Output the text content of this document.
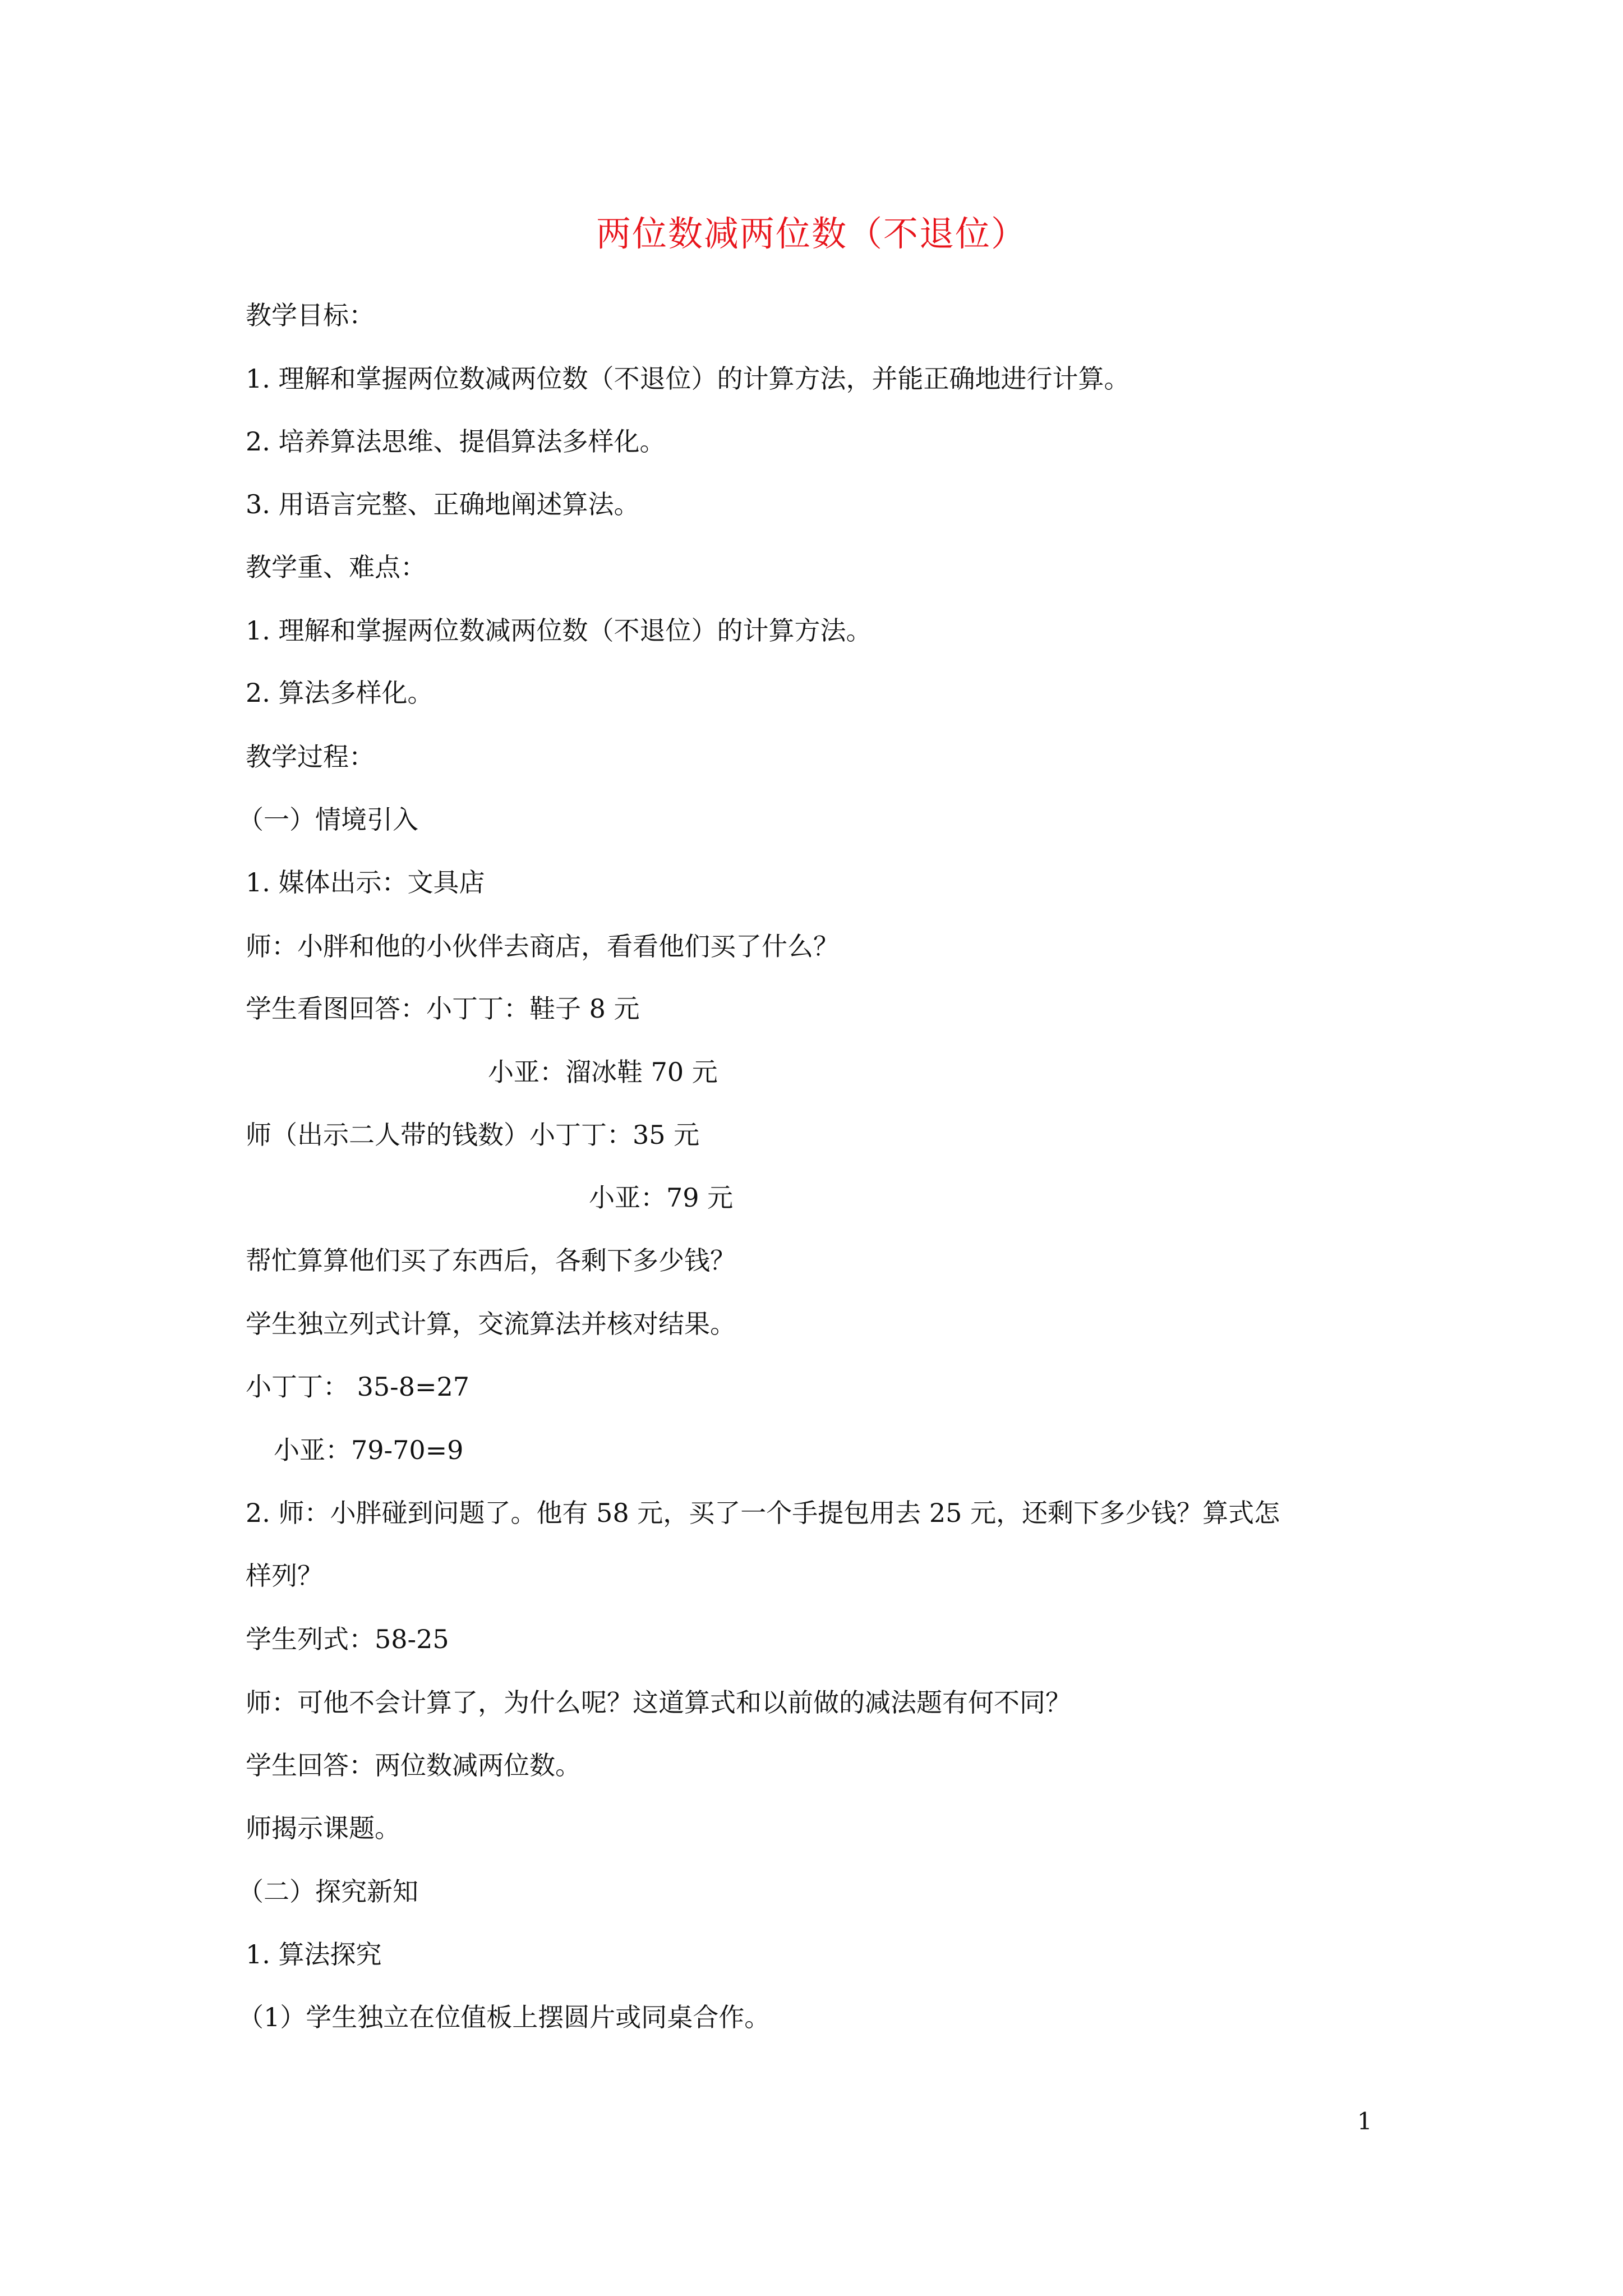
两位数减两位数（不退位）
教学目标：
1. 理解和掌握两位数减两位数（不退位）的计算方法，并能正确地进行计算。
2. 培养算法思维、提倡算法多样化。
3. 用语言完整、正确地阐述算法。
教学重、难点：
1. 理解和掌握两位数减两位数（不退位）的计算方法。
2. 算法多样化。
教学过程：
（一）情境引入
1. 媒体出示：文具店
师：小胖和他的小伙伴去商店，看看他们买了什么？
学生看图回答：小丁丁：鞋子 8 元
小亚：溜冰鞋 70 元
师（出示二人带的钱数）小丁丁：35 元
小亚：79 元
帮忙算算他们买了东西后，各剩下多少钱？
学生独立列式计算，交流算法并核对结果。
小丁丁： 35-8=27
小亚：79-70=9
2. 师：小胖碰到问题了。他有 58 元，买了一个手提包用去 25 元，还剩下多少钱？算式怎
样列？
学生列式：58-25
师：可他不会计算了，为什么呢？这道算式和以前做的减法题有何不同？
学生回答：两位数减两位数。
师揭示课题。
（二）探究新知
1. 算法探究
（1）学生独立在位值板上摆圆片或同桌合作。
1
